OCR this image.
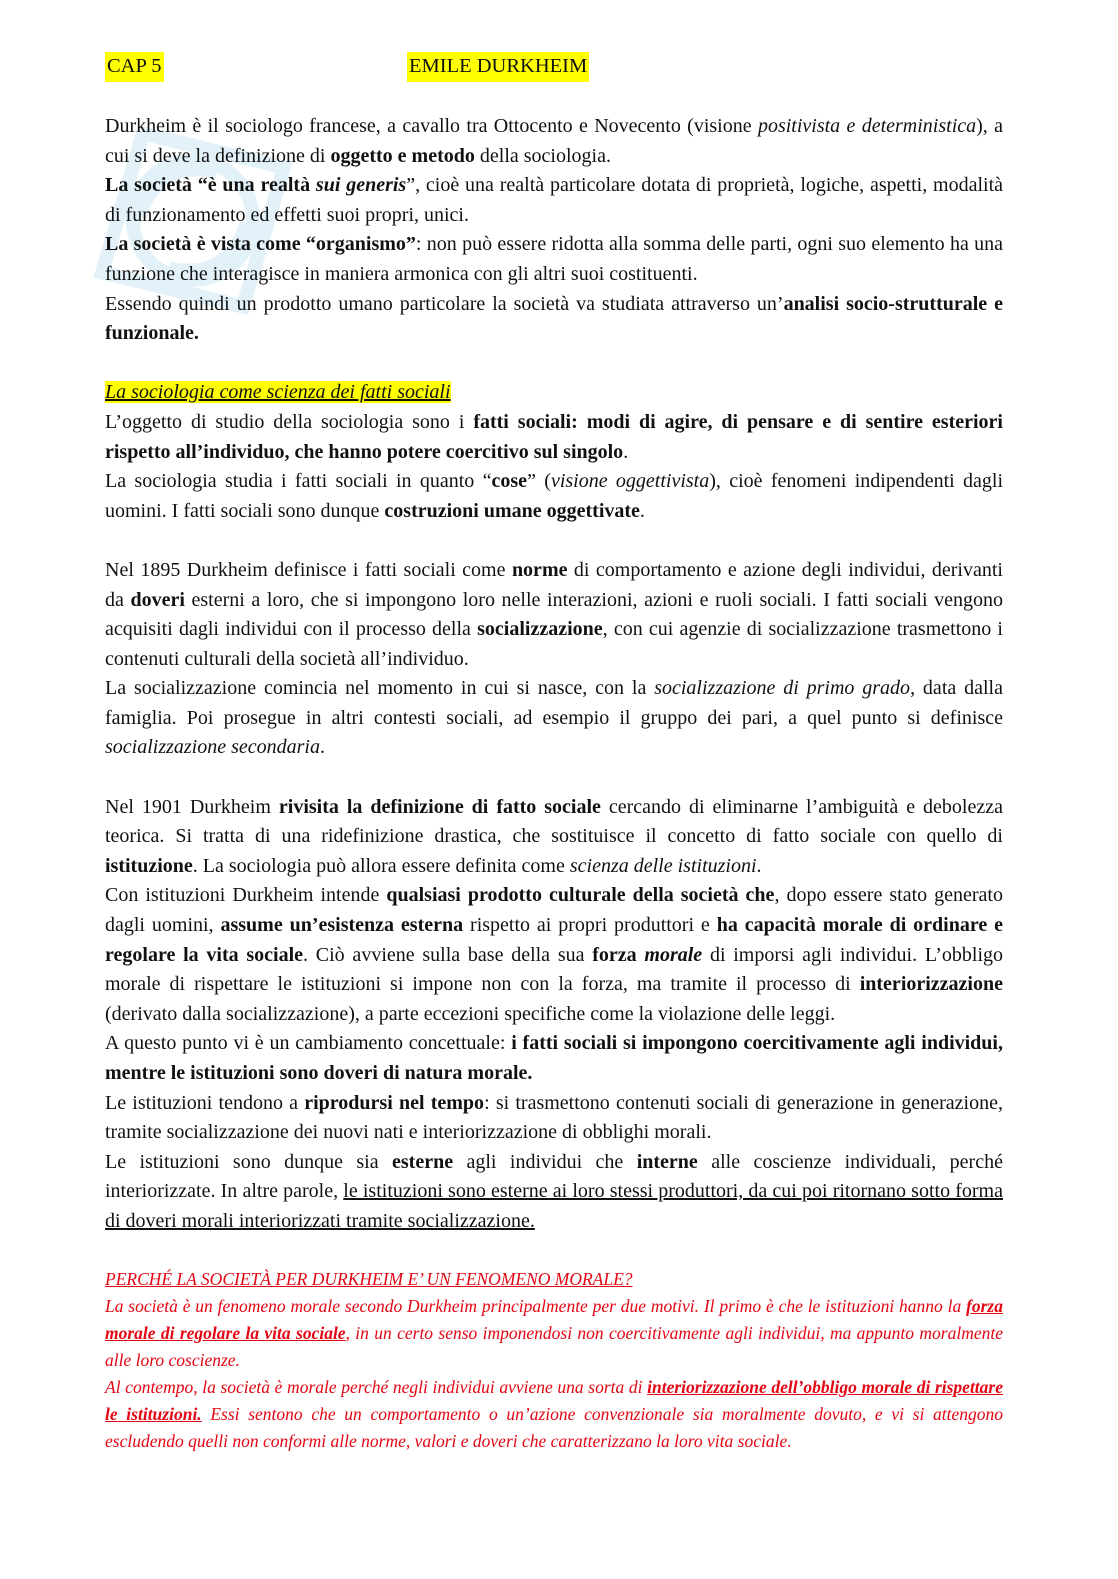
CAP 5	EMILE DURKHEIM

Durkheim è il sociologo francese, a cavallo tra Ottocento e Novecento (visione positivista e deterministica), a cui si deve la definizione di oggetto e metodo della sociologia.

La società “è una realtà sui generis”, cioè una realtà particolare dotata di proprietà, logiche, aspetti, modalità di funzionamento ed effetti suoi propri, unici.

La società è vista come “organismo”: non può essere ridotta alla somma delle parti, ogni suo elemento ha una funzione che interagisce in maniera armonica con gli altri suoi costituenti.

Essendo quindi un prodotto umano particolare la società va studiata attraverso un’analisi socio-strutturale e funzionale.

La sociologia come scienza dei fatti sociali

L’oggetto di studio della sociologia sono i fatti sociali: modi di agire, di pensare e di sentire esteriori rispetto all’individuo, che hanno potere coercitivo sul singolo.

La sociologia studia i fatti sociali in quanto “cose” (visione oggettivista), cioè fenomeni indipendenti dagli uomini. I fatti sociali sono dunque costruzioni umane oggettivate.

Nel 1895 Durkheim definisce i fatti sociali come norme di comportamento e azione degli individui, derivanti da doveri esterni a loro, che si impongono loro nelle interazioni, azioni e ruoli sociali. I fatti sociali vengono acquisiti dagli individui con il processo della socializzazione, con cui agenzie di socializzazione trasmettono i contenuti culturali della società all’individuo.

La socializzazione comincia nel momento in cui si nasce, con la socializzazione di primo grado, data dalla famiglia. Poi prosegue in altri contesti sociali, ad esempio il gruppo dei pari, a quel punto si definisce socializzazione secondaria.

Nel 1901 Durkheim rivisita la definizione di fatto sociale cercando di eliminarne l’ambiguità e debolezza teorica. Si tratta di una ridefinizione drastica, che sostituisce il concetto di fatto sociale con quello di istituzione. La sociologia può allora essere definita come scienza delle istituzioni.

Con istituzioni Durkheim intende qualsiasi prodotto culturale della società che, dopo essere stato generato dagli uomini, assume un’esistenza esterna rispetto ai propri produttori e ha capacità morale di ordinare e regolare la vita sociale. Ciò avviene sulla base della sua forza morale di imporsi agli individui. L’obbligo morale di rispettare le istituzioni si impone non con la forza, ma tramite il processo di interiorizzazione (derivato dalla socializzazione), a parte eccezioni specifiche come la violazione delle leggi.

A questo punto vi è un cambiamento concettuale: i fatti sociali si impongono coercitivamente agli individui, mentre le istituzioni sono doveri di natura morale.

Le istituzioni tendono a riprodursi nel tempo: si trasmettono contenuti sociali di generazione in generazione, tramite socializzazione dei nuovi nati e interiorizzazione di obblighi morali.

Le istituzioni sono dunque sia esterne agli individui che interne alle coscienze individuali, perché interiorizzate. In altre parole, le istituzioni sono esterne ai loro stessi produttori, da cui poi ritornano sotto forma di doveri morali interiorizzati tramite socializzazione.

PERCHÉ LA SOCIETÀ PER DURKHEIM E’ UN FENOMENO MORALE?

La società è un fenomeno morale secondo Durkheim principalmente per due motivi. Il primo è che le istituzioni hanno la forza morale di regolare la vita sociale, in un certo senso imponendosi non coercitivamente agli individui, ma appunto moralmente alle loro coscienze.

Al contempo, la società è morale perché negli individui avviene una sorta di interiorizzazione dell’obbligo morale di rispettare le istituzioni. Essi sentono che un comportamento o un’azione convenzionale sia moralmente dovuto, e vi si attengono escludendo quelli non conformi alle norme, valori e doveri che caratterizzano la loro vita sociale.
